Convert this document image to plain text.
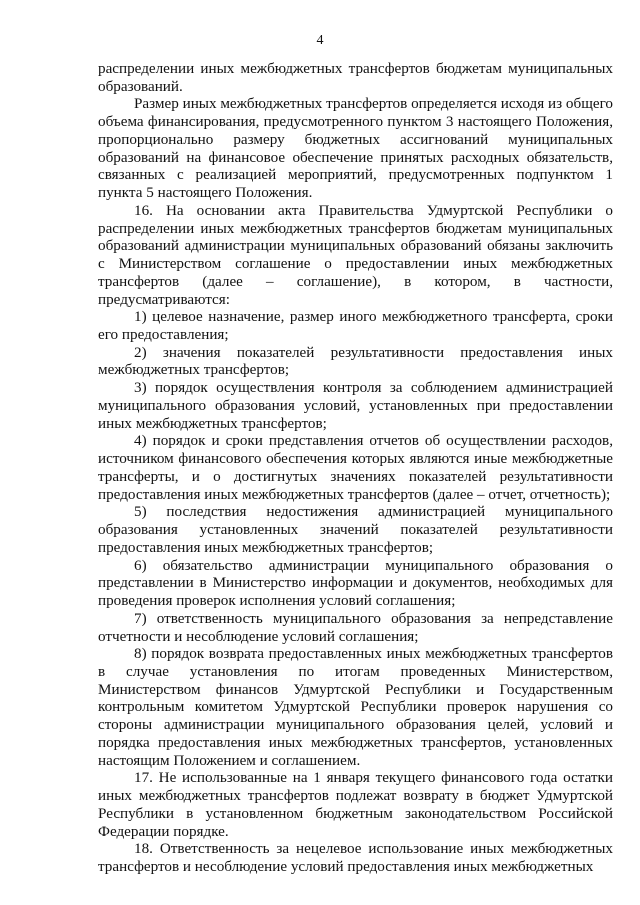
4

распределении иных межбюджетных трансфертов бюджетам муниципальных образований.

Размер иных межбюджетных трансфертов определяется исходя из общего объема финансирования, предусмотренного пунктом 3 настоящего Положения, пропорционально размеру бюджетных ассигнований муниципальных образований на финансовое обеспечение принятых расходных обязательств, связанных с реализацией мероприятий, предусмотренных подпунктом 1 пункта 5 настоящего Положения.

16. На основании акта Правительства Удмуртской Республики о распределении иных межбюджетных трансфертов бюджетам муниципальных образований администрации муниципальных образований обязаны заключить с Министерством соглашение о предоставлении иных межбюджетных трансфертов (далее – соглашение), в котором, в частности, предусматриваются:

1) целевое назначение, размер иного межбюджетного трансферта, сроки его предоставления;

2) значения показателей результативности предоставления иных межбюджетных трансфертов;

3) порядок осуществления контроля за соблюдением администрацией муниципального образования условий, установленных при предоставлении иных межбюджетных трансфертов;

4) порядок и сроки представления отчетов об осуществлении расходов, источником финансового обеспечения которых являются иные межбюджетные трансферты, и о достигнутых значениях показателей результативности предоставления иных межбюджетных трансфертов (далее – отчет, отчетность);

5) последствия недостижения администрацией муниципального образования установленных значений показателей результативности предоставления иных межбюджетных трансфертов;

6) обязательство администрации муниципального образования о представлении в Министерство информации и документов, необходимых для проведения проверок исполнения условий соглашения;

7) ответственность муниципального образования за непредставление отчетности и несоблюдение условий соглашения;

8) порядок возврата предоставленных иных межбюджетных трансфертов в случае установления по итогам проведенных Министерством, Министерством финансов Удмуртской Республики и Государственным контрольным комитетом Удмуртской Республики проверок нарушения со стороны администрации муниципального образования целей, условий и порядка предоставления иных межбюджетных трансфертов, установленных настоящим Положением и соглашением.

17. Не использованные на 1 января текущего финансового года остатки иных межбюджетных трансфертов подлежат возврату в бюджет Удмуртской Республики в установленном бюджетным законодательством Российской Федерации порядке.

18. Ответственность за нецелевое использование иных межбюджетных трансфертов и несоблюдение условий предоставления иных межбюджетных
